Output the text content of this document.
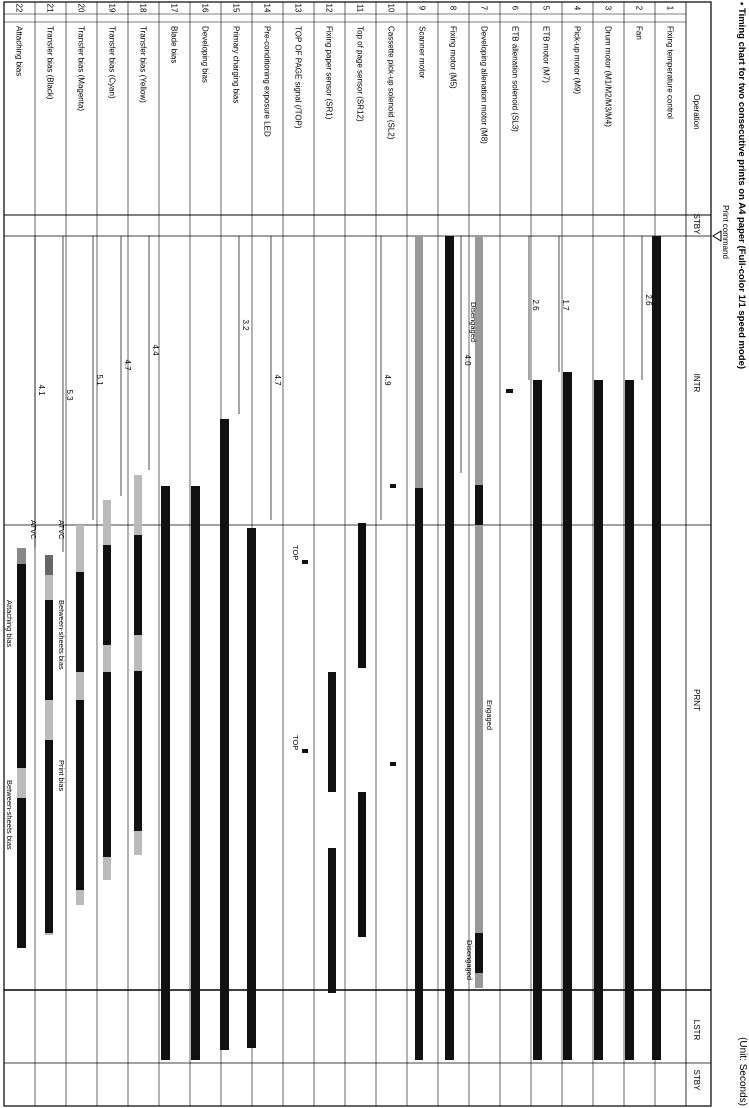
• Timing chart for two consecutive prints on A4 paper (Full-color 1/1 speed mode)
(Unit: Seconds)
Print command
Operation
STBY
INTR
PRNT
LSTR
STBY
1
Fixing temperature control
2
Fan
3
Drum motor (M1/M2/M3/M4)
4
Pick-up motor (M9)
5
ETB motor (M7)
6
ETB allenation solenoid (SL3)
7
Developing allenation motor (M8)
8
Fixing motor (M5)
9
Scanner motor
10
Cassette pick-up solenoid (SL2)
11
Top of page sensor (SR12)
12
Fixing paper sensor (SR1)
13
TOP OF PAGE signal (/TOP)
14
Pre-conditioning exposure LED
15
Primary charging bias
16
Developing bias
17
Blade bias
18
Transfer bias (Yellow)
19
Transfer bias (Cyan)
20
Transfer bias (Magenta)
21
Transfer bias (Black)
22
Attaching bias
2.6
1.7
2.6
4.0
4.9
4.7
3.2
4.4
4.7
5.1
5.3
4.1
Disengaged
Engaged
Disengaged
TOP
TOP
ATVC
ATVC
Between-sheets bias
Print bias
Attaching bias
Between-sheets bias
